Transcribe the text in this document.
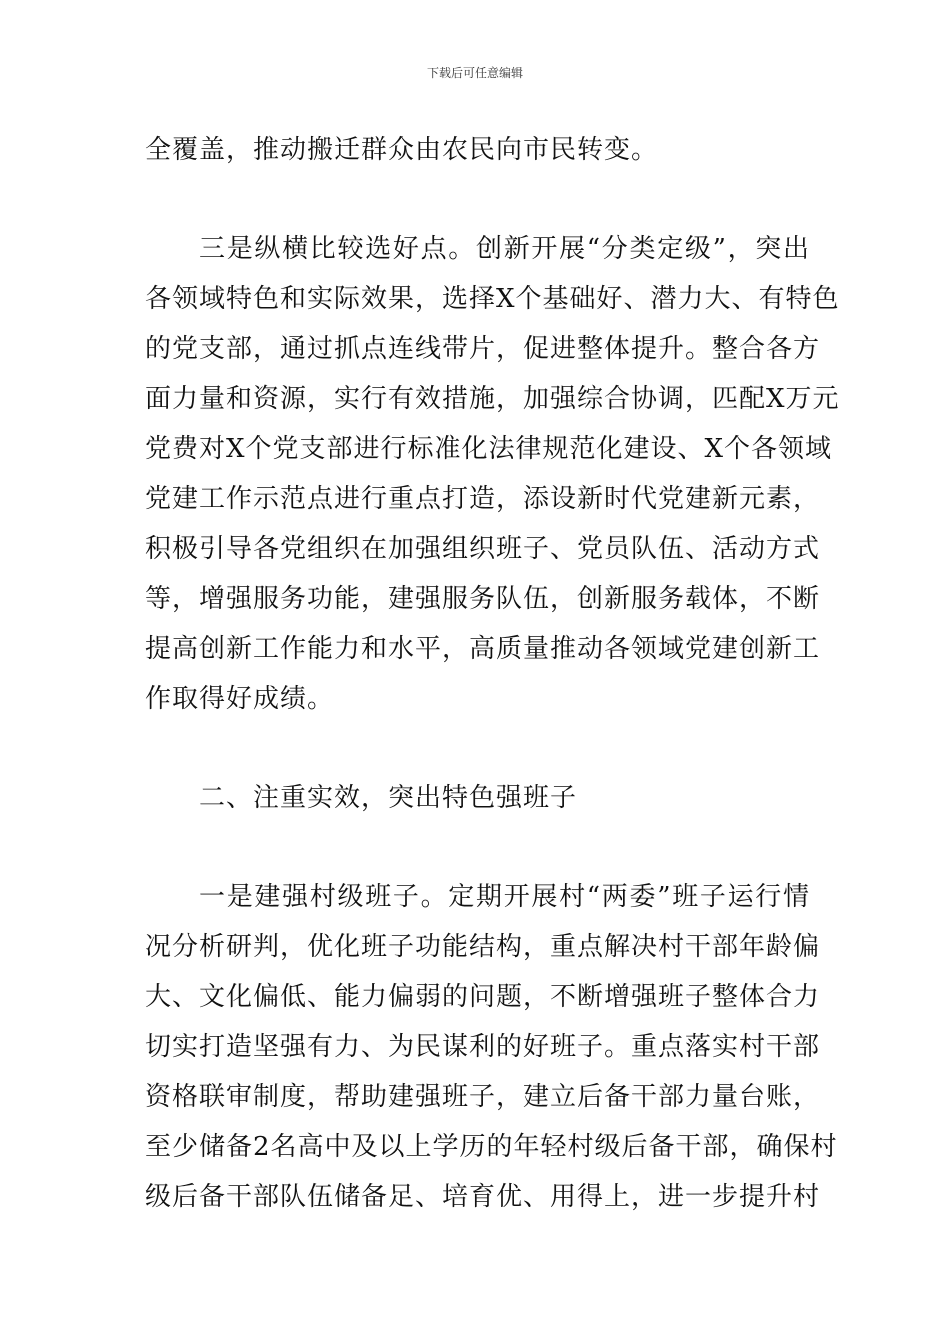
下载后可任意编辑
全覆盖，推动搬迁群众由农民向市民转变。
三是纵横比较选好点。创新开展“分类定级”，突出
各领域特色和实际效果，选择X个基础好、潜力大、有特色
的党支部，通过抓点连线带片，促进整体提升。整合各方
面力量和资源，实行有效措施，加强综合协调，匹配X万元
党费对X个党支部进行标准化法律规范化建设、X个各领域
党建工作示范点进行重点打造，添设新时代党建新元素，
积极引导各党组织在加强组织班子、党员队伍、活动方式
等，增强服务功能，建强服务队伍，创新服务载体，不断
提高创新工作能力和水平，高质量推动各领域党建创新工
作取得好成绩。
二、注重实效，突出特色强班子
一是建强村级班子。定期开展村“两委”班子运行情
况分析研判，优化班子功能结构，重点解决村干部年龄偏
大、文化偏低、能力偏弱的问题，不断增强班子整体合力
切实打造坚强有力、为民谋利的好班子。重点落实村干部
资格联审制度，帮助建强班子，建立后备干部力量台账，
至少储备2名高中及以上学历的年轻村级后备干部，确保村
级后备干部队伍储备足、培育优、用得上，进一步提升村
